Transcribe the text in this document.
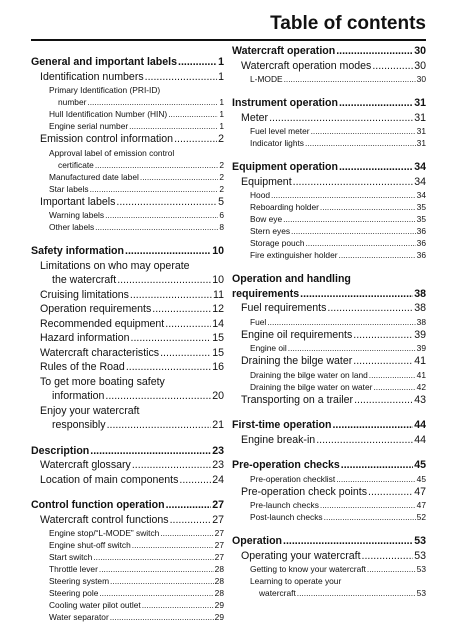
Table of contents
General and important labels .....	1
Identification numbers .....	1
Primary Identification (PRI-ID)
number .....	1
Hull Identification Number (HIN) .....	1
Engine serial number .....	1
Emission control information .....	2
Approval label of emission control
certificate .....	2
Manufactured date label .....	2
Star labels .....	2
Important labels .....	5
Warning labels .....	6
Other labels .....	8
Safety information .....	10
Limitations on who may operate
the watercraft .....	10
Cruising limitations .....	11
Operation requirements .....	12
Recommended equipment .....	14
Hazard information .....	15
Watercraft characteristics .....	15
Rules of the Road .....	16
To get more boating safety
information .....	20
Enjoy your watercraft
responsibly .....	21
Description .....	23
Watercraft glossary .....	23
Location of main components .....	24
Control function operation .....	27
Watercraft control functions .....	27
Engine stop/“L-MODE” switch .....	27
Engine shut-off switch .....	27
Start switch .....	27
Throttle lever .....	28
Steering system .....	28
Steering pole .....	28
Cooling water pilot outlet .....	29
Water separator .....	29
Watercraft operation .....	30
Watercraft operation modes .....	30
L-MODE .....	30
Instrument operation .....	31
Meter .....	31
Fuel level meter .....	31
Indicator lights .....	31
Equipment operation .....	34
Equipment .....	34
Hood .....	34
Reboarding holder .....	35
Bow eye .....	35
Stern eyes .....	36
Storage pouch .....	36
Fire extinguisher holder .....	36
Operation and handling
requirements .....	38
Fuel requirements .....	38
Fuel .....	38
Engine oil requirements .....	39
Engine oil .....	39
Draining the bilge water .....	41
Draining the bilge water on land .....	41
Draining the bilge water on water .....	42
Transporting on a trailer .....	43
First-time operation .....	44
Engine break-in .....	44
Pre-operation checks .....	45
Pre-operation checklist .....	45
Pre-operation check points .....	47
Pre-launch checks .....	47
Post-launch checks .....	52
Operation .....	53
Operating your watercraft .....	53
Getting to know your watercraft .....	53
Learning to operate your
watercraft .....	53
